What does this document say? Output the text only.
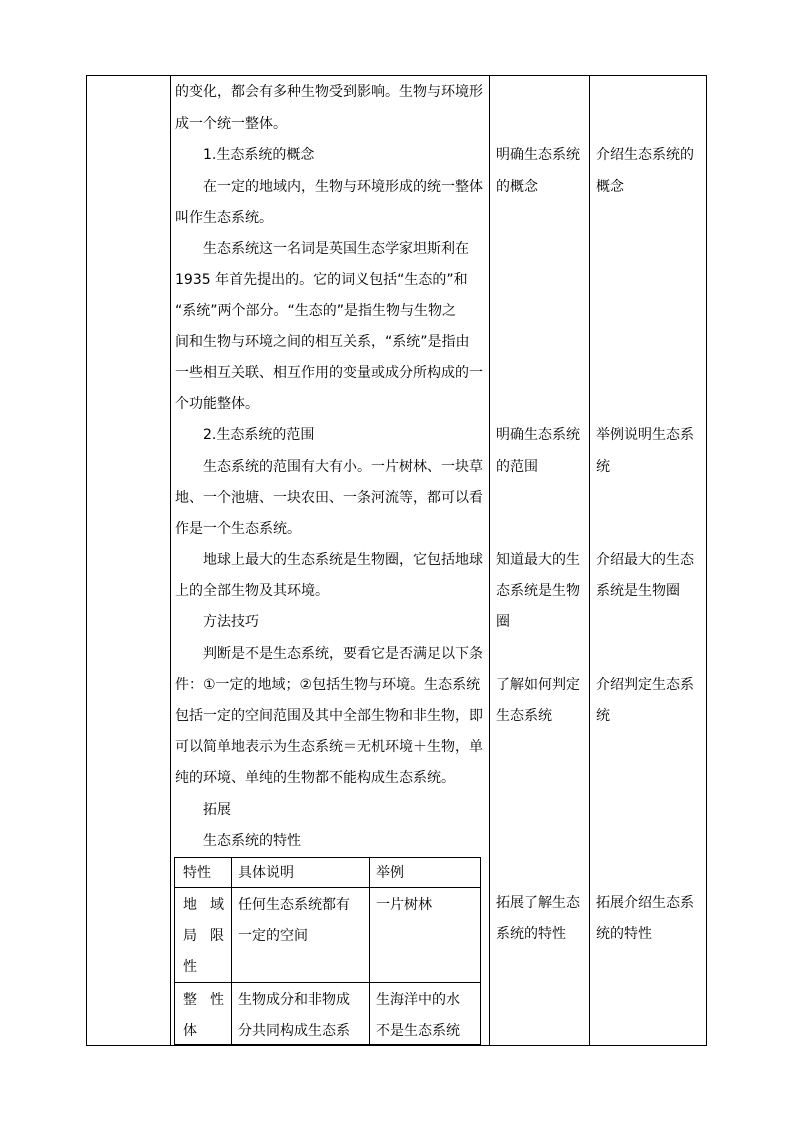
的变化，都会有多种生物受到影响。生物与环境形
成一个统一整体。
1.生态系统的概念
在一定的地域内，生物与环境形成的统一整体
叫作生态系统。
生态系统这一名词是英国生态学家坦斯利在
1935 年首先提出的。它的词义包括“生态的”和
“系统”两个部分。“生态的”是指生物与生物之
间和生物与环境之间的相互关系，“系统”是指由
一些相互关联、相互作用的变量或成分所构成的一
个功能整体。
2.生态系统的范围
生态系统的范围有大有小。一片树林、一块草
地、一个池塘、一块农田、一条河流等，都可以看
作是一个生态系统。
地球上最大的生态系统是生物圈，它包括地球
上的全部生物及其环境。
方法技巧
判断是不是生态系统，要看它是否满足以下条
件：①一定的地域；②包括生物与环境。生态系统
包括一定的空间范围及其中全部生物和非生物，即
可以简单地表示为生态系统＝无机环境＋生物，单
纯的环境、单纯的生物都不能构成生态系统。
拓展
生态系统的特性
特性 具体说明	举例
地 域
局 限
性
任何生态系统都有
一定的空间
一片树林
整 性
体
生物成分和非物成
分共同构成生态系
生海洋中的水
不是生态系统
明确生态系统
的概念
明确生态系统
的范围
知道最大的生
态系统是生物
圈
了解如何判定
生态系统
拓展了解生态
系统的特性
介绍生态系统的
概念
举例说明生态系
统
介绍最大的生态
系统是生物圈
介绍判定生态系
统
拓展介绍生态系
统的特性
